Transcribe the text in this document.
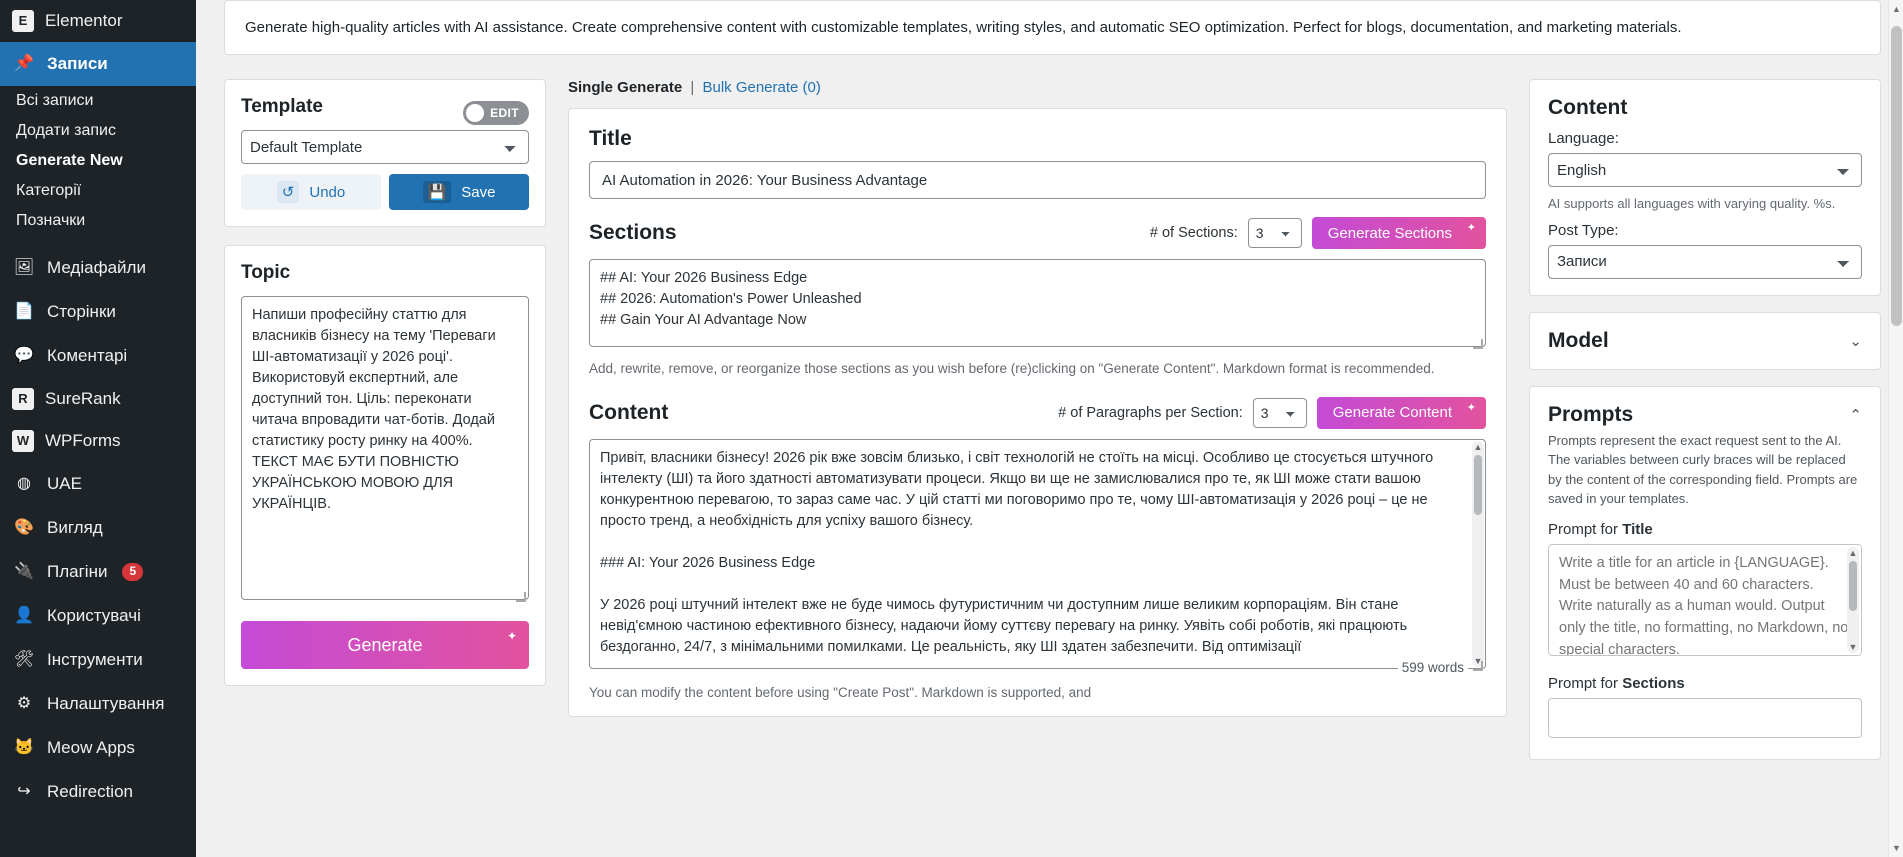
E	Elementor
📌 Записи
Всі записи
Додати запис
Generate New
Категорії
Позначки
🖼 Медіафайли
📄 Сторінки
💬 Коментарі
R	SureRank
W WPForms
◍ UAE
🎨 Вигляд
🔌 Плагіни	5
👤 Користувачі
🛠 Інструменти
⚙ Налаштування
🐱 Meow Apps
↪ Redirection
Generate high-quality articles with AI assistance. Create comprehensive content with customizable templates, writing styles, and automatic SEO optimization. Perfect for blogs, documentation, and marketing materials.
Template	EDIT
Default Template
↺	Undo	💾	Save
Topic
Напиши професійну статтю для власників бізнесу на тему 'Переваги ШІ-автоматизації у 2026 році'. Використовуй експертний, але доступний тон. Ціль: переконати читача впровадити чат-ботів. Додай статистику росту ринку на 400%. ТЕКСТ МАЄ БУТИ ПОВНІСТЮ УКРАЇНСЬКОЮ МОВОЮ ДЛЯ УКРАЇНЦІВ.
Generate	✦
Single Generate | Bulk Generate (0)
Title
AI Automation in 2026: Your Business Advantage
Sections	# of Sections:
3	Generate Sections ✦
## AI: Your 2026 Business Edge ## 2026: Automation's Power Unleashed ## Gain Your AI Advantage Now
Add, rewrite, remove, or reorganize those sections as you wish before (re)clicking on "Generate Content". Markdown format is recommended.
Content	# of Paragraphs per Section:
3	Generate Content ✦
Привіт, власники бізнесу! 2026 рік вже зовсім близько, і світ технологій не стоїть на місці. Особливо це стосується штучного інтелекту (ШІ) та його здатності автоматизувати процеси. Якщо ви ще не замислювалися про те, як ШІ може стати вашою конкурентною перевагою, то зараз саме час. У цій статті ми поговоримо про те, чому ШІ-автоматизація у 2026 році – це не просто тренд, а необхідність для успіху вашого бізнесу. ### AI: Your 2026 Business Edge У 2026 році штучний інтелект вже не буде чимось футуристичним чи доступним лише великим корпораціям. Він стане невід'ємною частиною ефективного бізнесу, надаючи йому суттєву перевагу на ринку. Уявіть собі роботів, які працюють бездоганно, 24/7, з мінімальними помилками. Це реальність, яку ШІ здатен забезпечити. Від оптимізації
▲
▼
599 words
You can modify the content before using "Create Post". Markdown is supported, and
Content
Language:
English
AI supports all languages with varying quality. %s.
Post Type:
Записи
Model	⌄
Prompts	⌃
Prompts represent the exact request sent to the AI. The variables between curly braces will be replaced by the content of the corresponding field. Prompts are saved in your templates.
Prompt for Title
Write a title for an article in {LANGUAGE}. Must be between 40 and 60 characters. Write naturally as a human would. Output only the title, no formatting, no Markdown, no special characters.
▲
▼
Prompt for Sections
▲
▼
